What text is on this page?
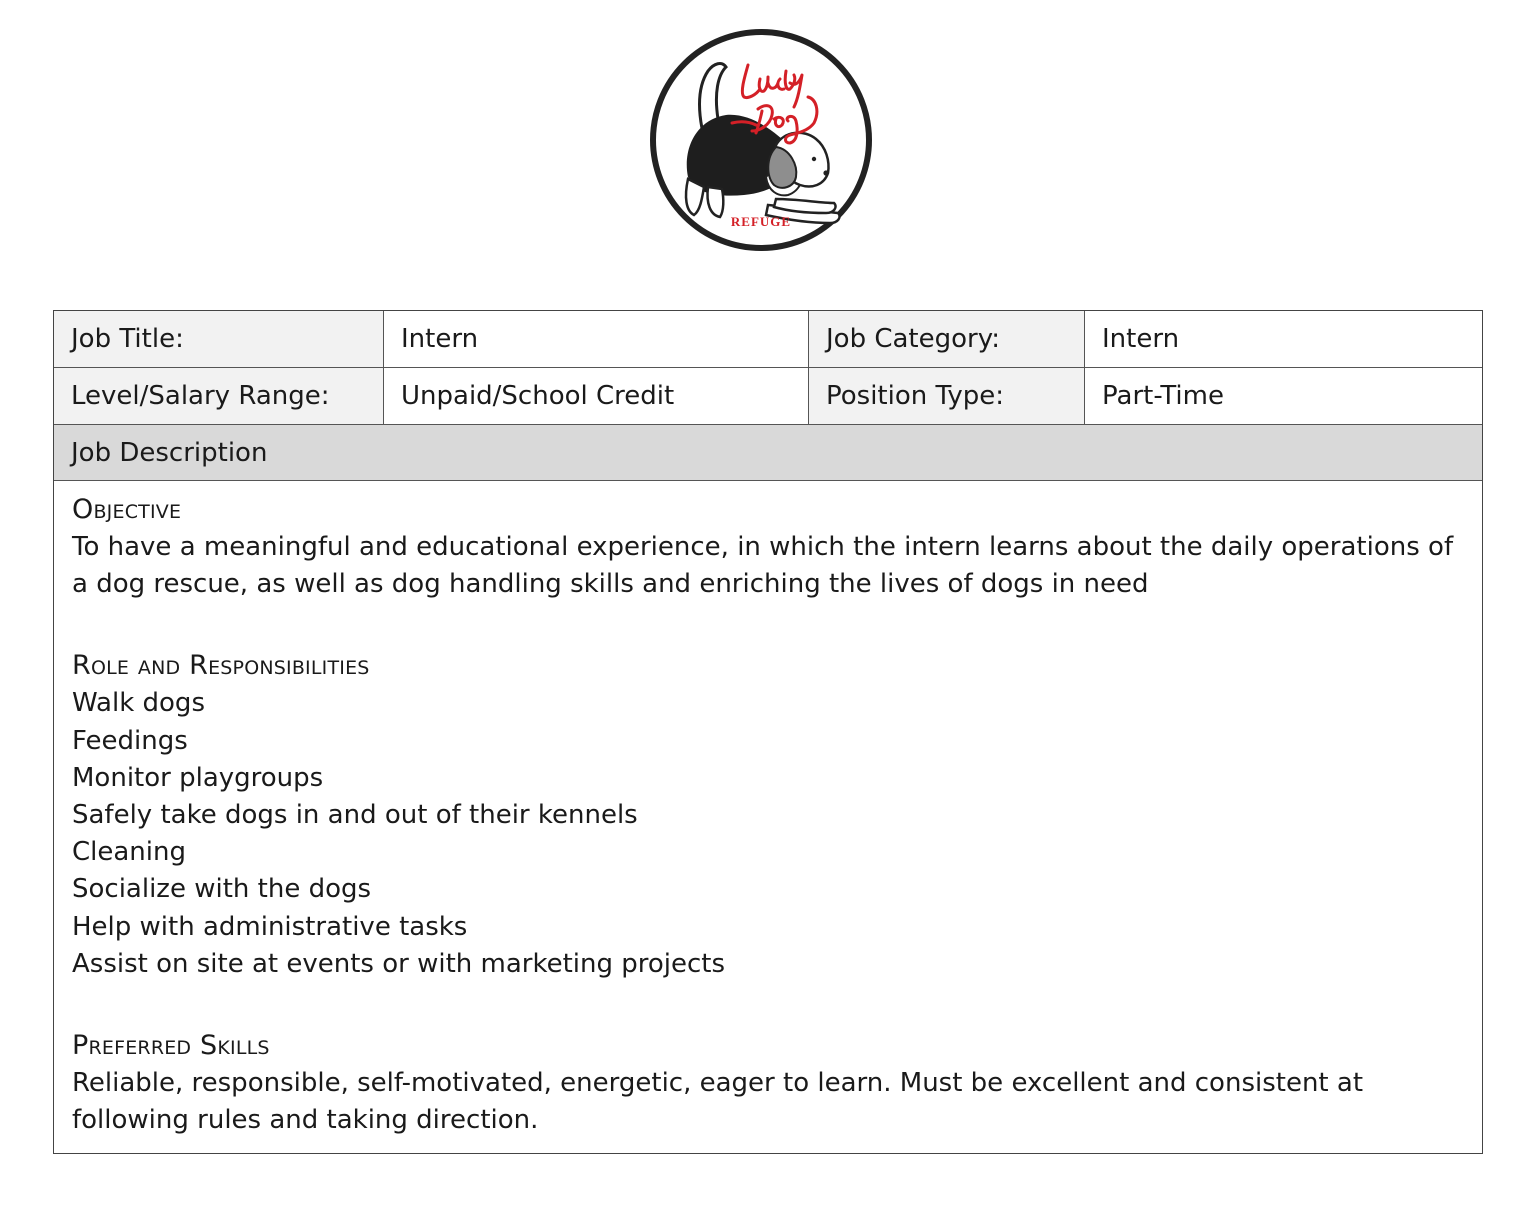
REFUGE
Job Title:	Intern	Job Category:	Intern
Level/Salary Range:	Unpaid/School Credit	Position Type:	Part-Time
Job Description
Objective

To have a meaningful and educational experience, in which the intern learns about the daily operations of a dog rescue, as well as dog handling skills and enriching the lives of dogs in need

Role and Responsibilities
Walk dogs
Feedings
Monitor playgroups
Safely take dogs in and out of their kennels
Cleaning
Socialize with the dogs
Help with administrative tasks
Assist on site at events or with marketing projects
Preferred Skills

Reliable, responsible, self-motivated, energetic, eager to learn. Must be excellent and consistent at following rules and taking direction.
